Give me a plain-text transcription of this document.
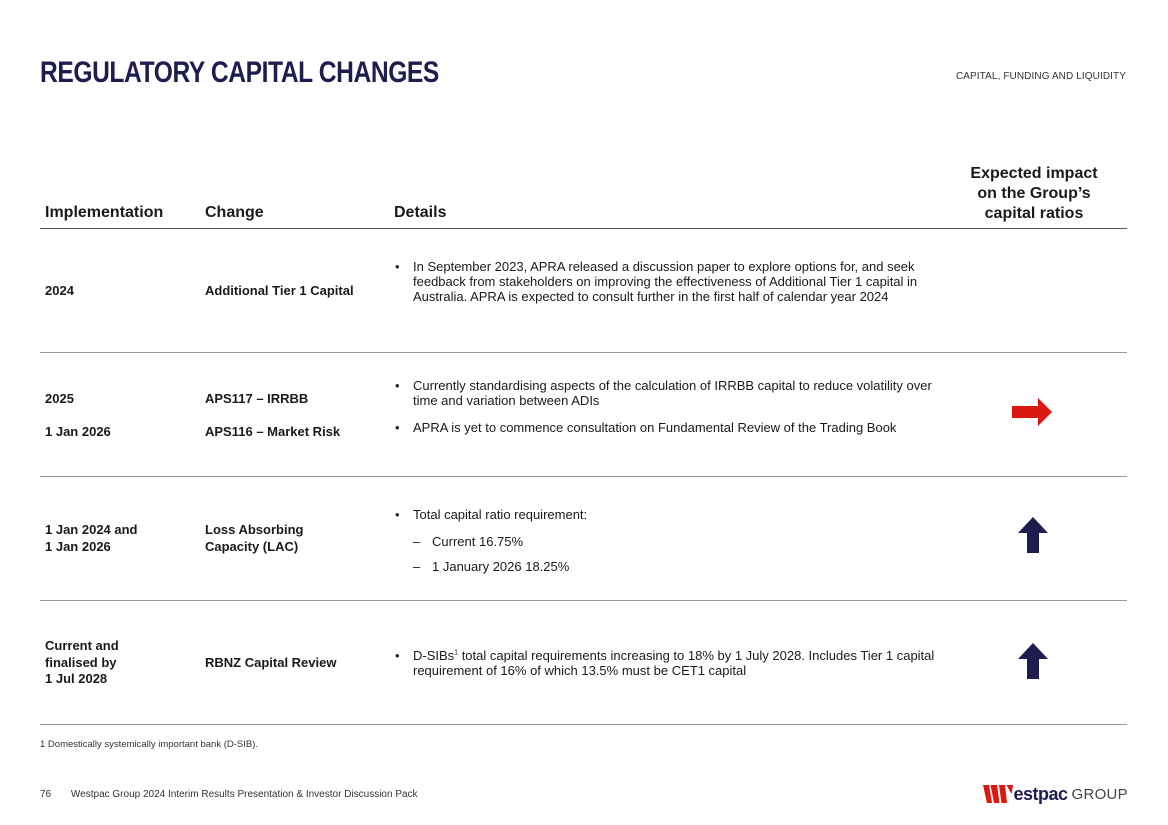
REGULATORY CAPITAL CHANGES	CAPITAL, FUNDING AND LIQUIDITY
Implementation	Change	Details
Expected impact
on the Group’s
capital ratios
2024	Additional Tier 1 Capital
• In September 2023, APRA released a discussion paper to explore options for, and seek feedback from stakeholders on improving the effectiveness of Additional Tier 1 capital in Australia. APRA is expected to consult further in the first half of calendar year 2024
2025
1 Jan 2026
APS117 – IRRBB
APS116 – Market Risk
• Currently standardising aspects of the calculation of IRRBB capital to reduce volatility over time and variation between ADIs
• APRA is yet to commence consultation on Fundamental Review of the Trading Book
1 Jan 2024 and
1 Jan 2026
Loss Absorbing
Capacity (LAC)
• Total capital ratio requirement:
– Current 16.75%
– 1 January 2026 18.25%
Current and
finalised by
1 Jul 2028
RBNZ Capital Review
•	D-SIBs$^1$ total capital requirements increasing to 18% by 1 July 2028. Includes Tier 1 capital requirement of 16% of which 13.5% must be CET1 capital
1 Domestically systemically important bank (D-SIB).
76 Westpac Group 2024 Interim Results Presentation & Investor Discussion Pack	estpac GROUP
